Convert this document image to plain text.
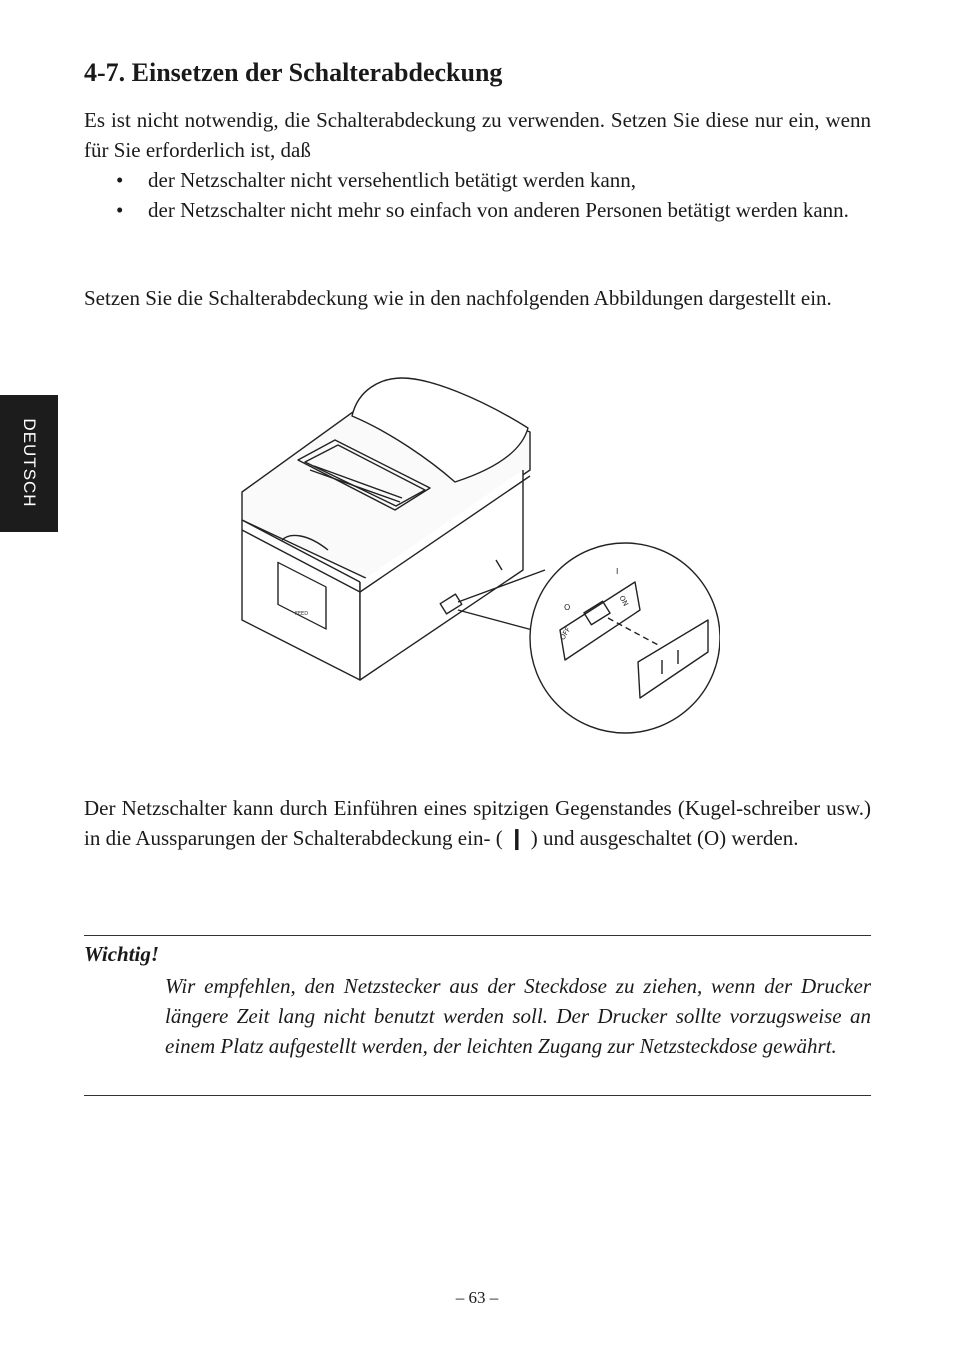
DEUTSCH
4-7. Einsetzen der Schalterabdeckung

Es ist nicht notwendig, die Schalterabdeckung zu verwenden. Setzen Sie diese nur ein, wenn für Sie erforderlich ist, daß

• der Netzschalter nicht versehentlich betätigt werden kann,
• der Netzschalter nicht mehr so einfach von anderen Personen betätigt werden kann.

Setzen Sie die Schalterabdeckung wie in den nachfolgenden Abbildungen dargestellt ein.

FEED
O
I
OFF
ON

Der Netzschalter kann durch Einführen eines spitzigen Gegenstandes (Kugel-schreiber usw.) in die Aussparungen der Schalterabdeckung ein- ( ❙ ) und ausgeschaltet (O) werden.

Wichtig!

Wir empfehlen, den Netzstecker aus der Steckdose zu ziehen, wenn der Drucker längere Zeit lang nicht benutzt werden soll. Der Drucker sollte vorzugsweise an einem Platz aufgestellt werden, der leichten Zugang zur Netzsteckdose gewährt.

– 63 –
